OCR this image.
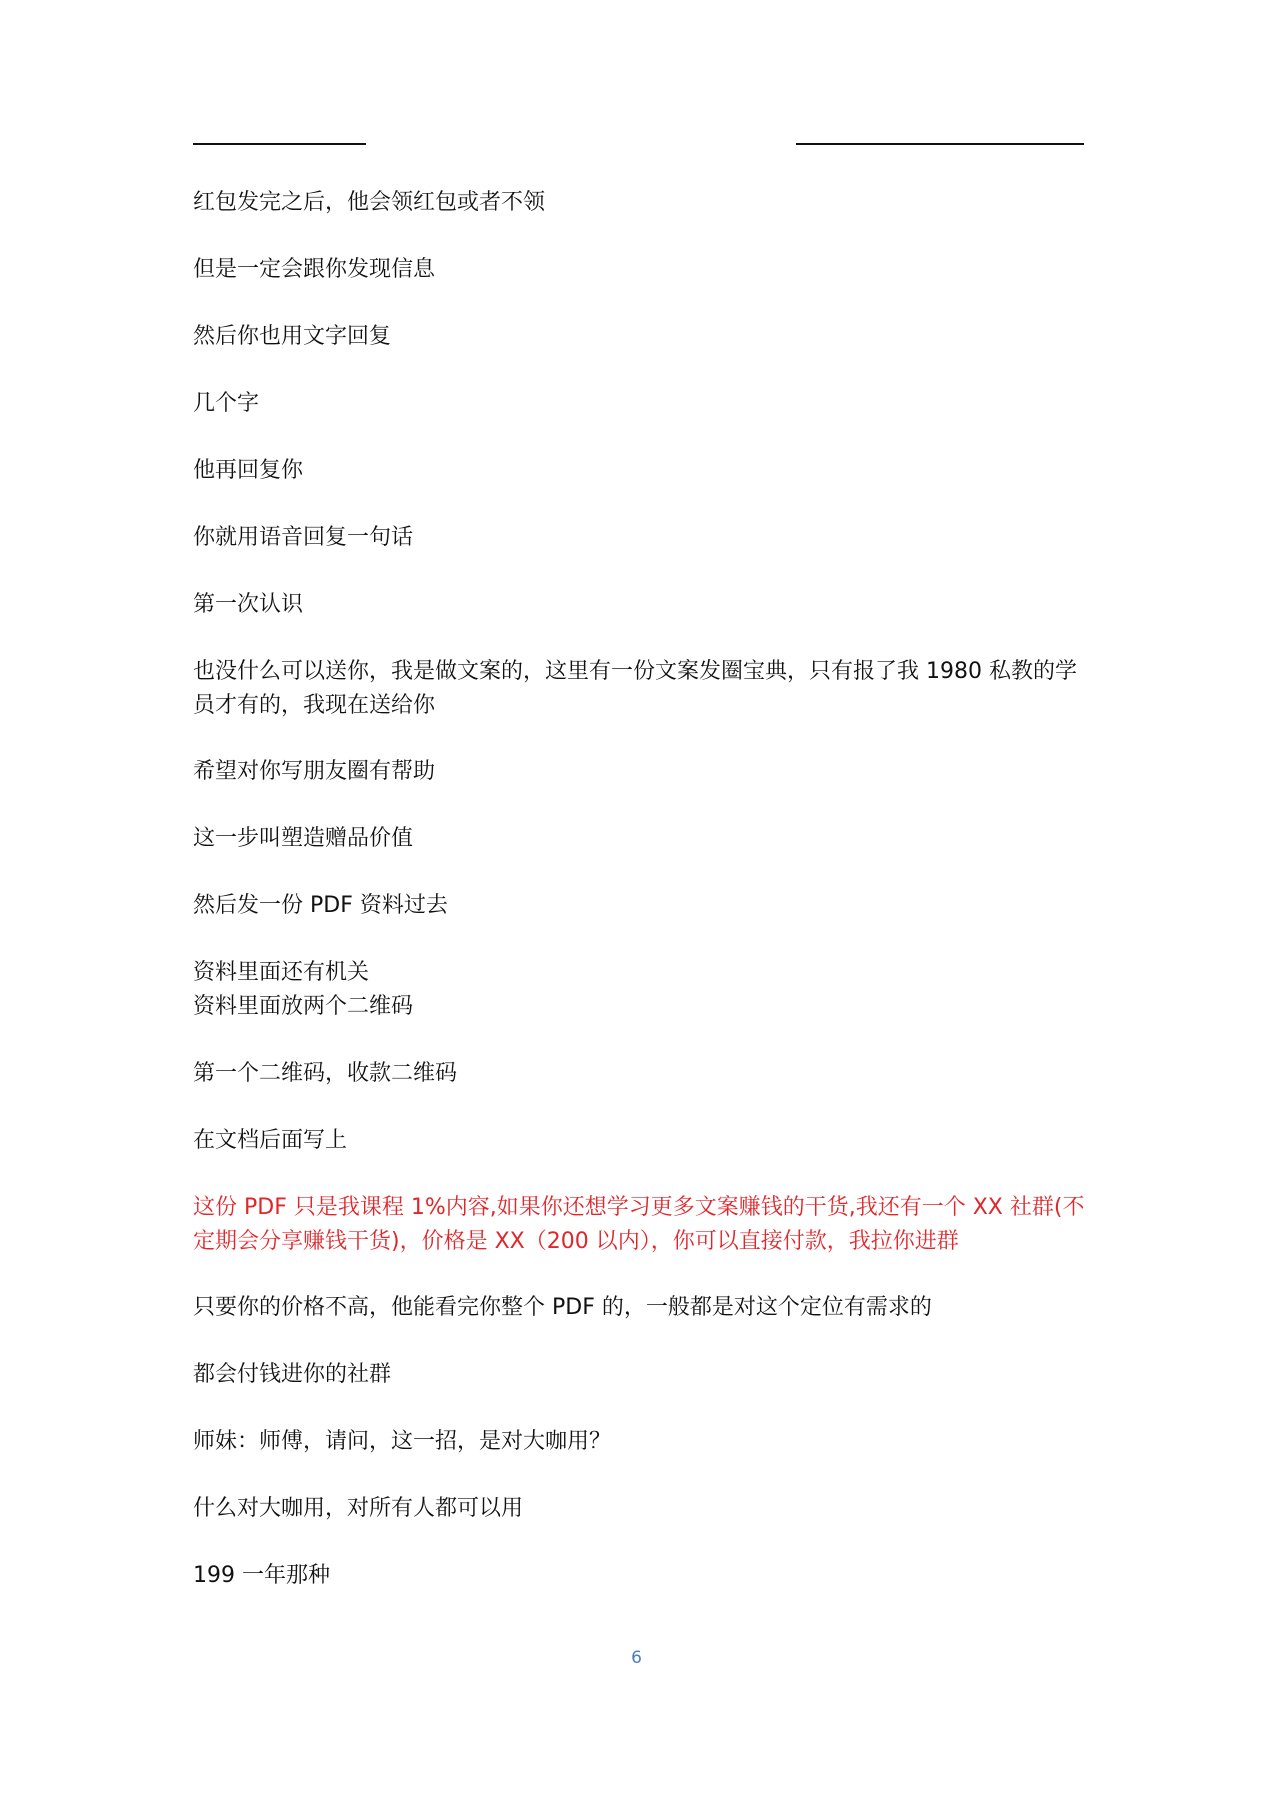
红包发完之后，他会领红包或者不领
但是一定会跟你发现信息
然后你也用文字回复
几个字
他再回复你
你就用语音回复一句话
第一次认识
也没什么可以送你，我是做文案的，这里有一份文案发圈宝典，只有报了我 1980 私教的学员才有的，我现在送给你
希望对你写朋友圈有帮助
这一步叫塑造赠品价值
然后发一份 PDF 资料过去
资料里面还有机关
资料里面放两个二维码
第一个二维码，收款二维码
在文档后面写上
这份 PDF 只是我课程 1%内容,如果你还想学习更多文案赚钱的干货,我还有一个 XX 社群(不定期会分享赚钱干货)，价格是 XX（200 以内），你可以直接付款，我拉你进群
只要你的价格不高，他能看完你整个 PDF 的，一般都是对这个定位有需求的
都会付钱进你的社群
师妹：师傅，请问，这一招，是对大咖用？
什么对大咖用，对所有人都可以用
199 一年那种
6
